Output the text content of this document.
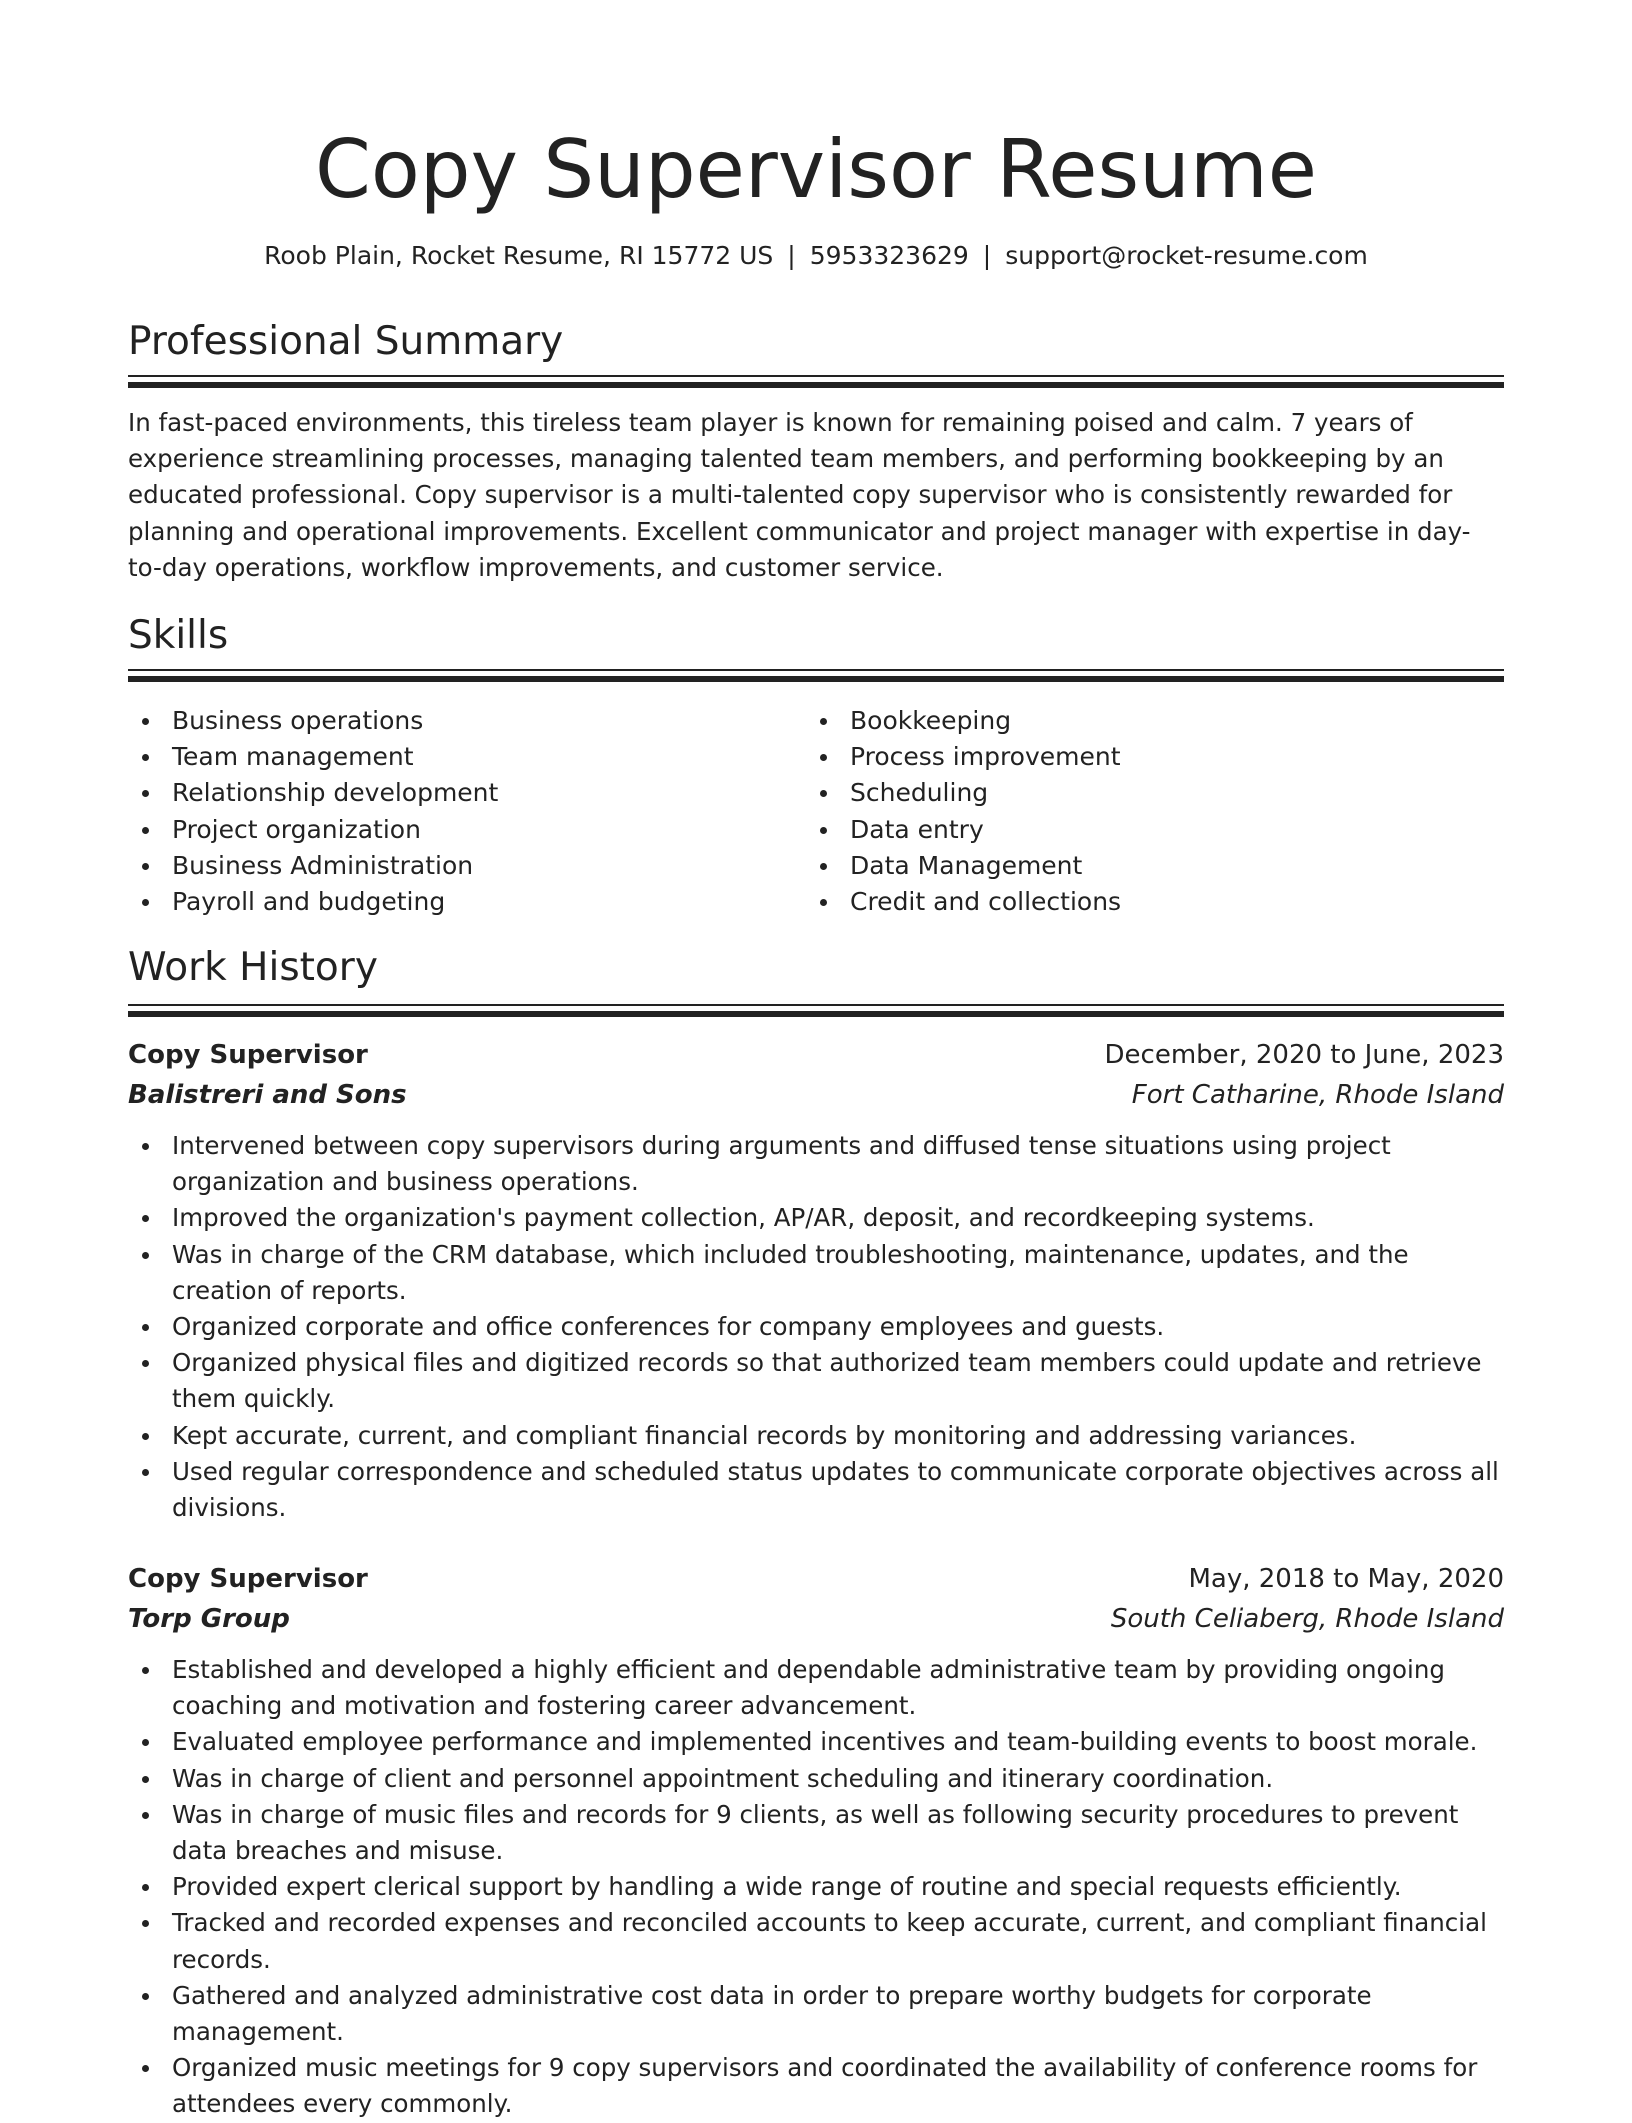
Copy Supervisor Resume
Roob Plain, Rocket Resume, RI 15772 US | 5953323629 | support@rocket-resume.com
Professional Summary

In fast-paced environments, this tireless team player is known for remaining poised and calm. 7 years of experience streamlining processes, managing talented team members, and performing bookkeeping by an educated professional. Copy supervisor is a multi-talented copy supervisor who is consistently rewarded for planning and operational improvements. Excellent communicator and project manager with expertise in day-to-day operations, workflow improvements, and customer service.

Skills
Business operations
Team management
Relationship development
Project organization
Business Administration
Payroll and budgeting
Bookkeeping
Process improvement
Scheduling
Data entry
Data Management
Credit and collections
Work History
Copy Supervisor	December, 2020 to June, 2023
Balistreri and Sons	Fort Catharine, Rhode Island
Intervened between copy supervisors during arguments and diffused tense situations using project organization and business operations.
Improved the organization's payment collection, AP/AR, deposit, and recordkeeping systems.
Was in charge of the CRM database, which included troubleshooting, maintenance, updates, and the creation of reports.
Organized corporate and office conferences for company employees and guests.
Organized physical files and digitized records so that authorized team members could update and retrieve them quickly.
Kept accurate, current, and compliant financial records by monitoring and addressing variances.
Used regular correspondence and scheduled status updates to communicate corporate objectives across all divisions.
Copy Supervisor	May, 2018 to May, 2020
Torp Group	South Celiaberg, Rhode Island
Established and developed a highly efficient and dependable administrative team by providing ongoing coaching and motivation and fostering career advancement.
Evaluated employee performance and implemented incentives and team-building events to boost morale.
Was in charge of client and personnel appointment scheduling and itinerary coordination.
Was in charge of music files and records for 9 clients, as well as following security procedures to prevent data breaches and misuse.
Provided expert clerical support by handling a wide range of routine and special requests efficiently.
Tracked and recorded expenses and reconciled accounts to keep accurate, current, and compliant financial records.
Gathered and analyzed administrative cost data in order to prepare worthy budgets for corporate management.
Organized music meetings for 9 copy supervisors and coordinated the availability of conference rooms for attendees every commonly.
